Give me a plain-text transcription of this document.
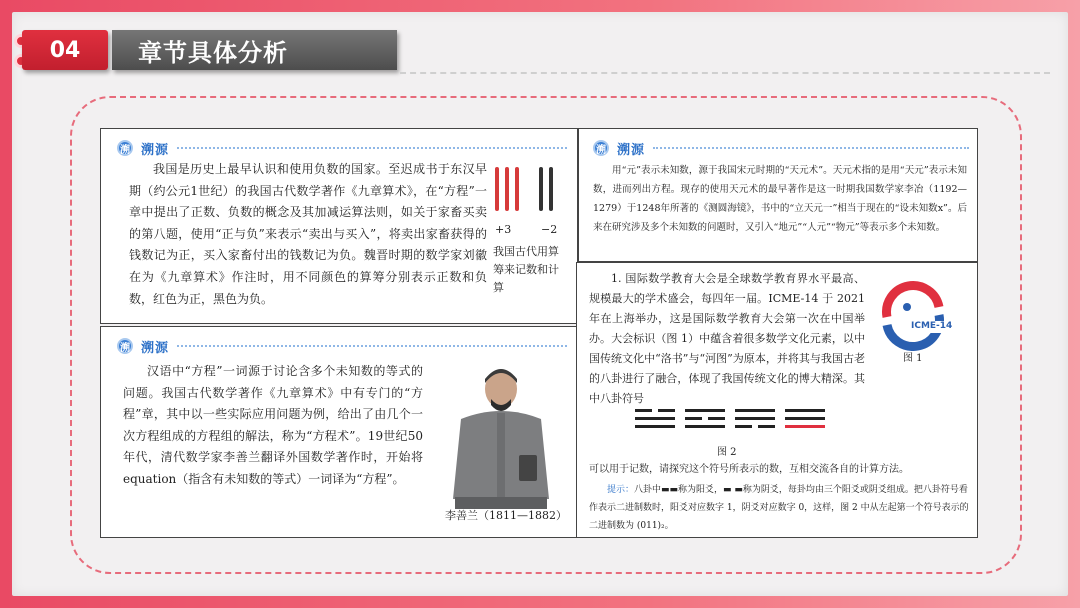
04	章节具体分析
溯 溯源

我国是历史上最早认识和使用负数的国家。至迟成书于东汉早期（约公元1世纪）的我国古代数学著作《九章算术》，在“方程”一章中提出了正数、负数的概念及其加减运算法则，如关于家畜买卖的第八题，使用“正与负”来表示“卖出与买入”，将卖出家畜获得的钱数记为正，买入家畜付出的钱数记为负。魏晋时期的数学家刘徽在为《九章算术》作注时，用不同颜色的算筹分别表示正数和负数，红色为正，黑色为负。

+3	−2
我国古代用算筹来记数和计算
溯 溯源

汉语中“方程”一词源于讨论含多个未知数的等式的问题。我国古代数学著作《九章算术》中有专门的“方程”章，其中以一些实际应用问题为例，给出了由几个一次方程组成的方程组的解法，称为“方程术”。19世纪50年代，清代数学家李善兰翻译外国数学著作时，开始将equation（指含有未知数的等式）一词译为“方程”。

李善兰（1811—1882）
溯 溯源

用“元”表示未知数，源于我国宋元时期的“天元术”。天元术指的是用“天元”表示未知数，进而列出方程。现存的使用天元术的最早著作是这一时期我国数学家李冶（1192—1279）于1248年所著的《测圆海镜》，书中的“立天元一”相当于现在的“设未知数x”。后来在研究涉及多个未知数的问题时，又引入“地元”“人元”“物元”等表示多个未知数。

1. 国际数学教育大会是全球数学教育界水平最高、规模最大的学术盛会，每四年一届。ICME-14 于 2021 年在上海举办，这是国际数学教育大会第一次在中国举办。大会标识（图 1）中蕴含着很多数学文化元素，以中国传统文化中“洛书”与“河图”为原本，并将其与我国古老的八卦进行了融合，体现了我国传统文化的博大精深。其中八卦符号

ICME-14
图 1
图 2

可以用于记数，请探究这个符号所表示的数，互相交流各自的计算方法。

提示：八卦中▬▬称为阳爻，▬ ▬称为阴爻，每卦均由三个阳爻或阴爻组成。把八卦符号看作表示二进制数时，阳爻对应数字 1，阴爻对应数字 0，这样，图 2 中从左起第一个符号表示的二进制数为 (011)₂。
